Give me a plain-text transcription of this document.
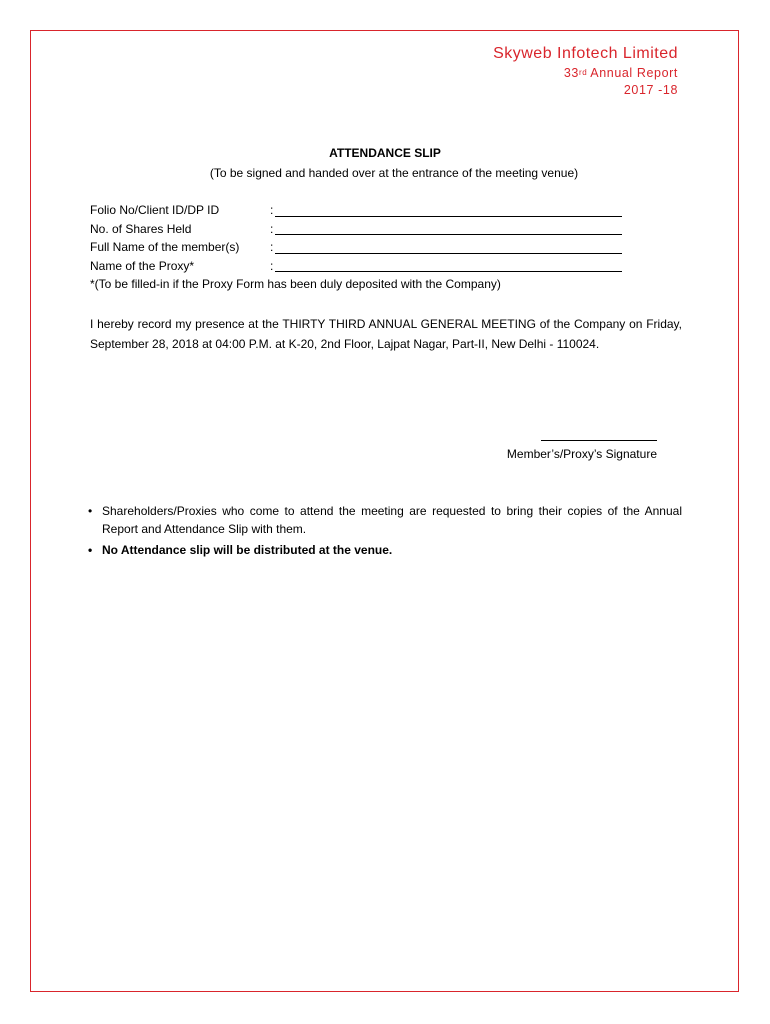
Skyweb Infotech Limited
33rd Annual Report
2017 -18
ATTENDANCE SLIP
(To be signed and handed over at the entrance of the meeting venue)
Folio No/Client ID/DP ID	:
No. of Shares Held	:
Full Name of the member(s)	:
Name of the Proxy*	:
*(To be filled-in if the Proxy Form has been duly deposited with the Company)
I hereby record my presence at the THIRTY THIRD ANNUAL GENERAL MEETING of the Company on Friday, September 28, 2018 at 04:00 P.M. at K-20, 2nd Floor, Lajpat Nagar, Part-II, New Delhi - 110024.
Member’s/Proxy’s Signature
• Shareholders/Proxies who come to attend the meeting are requested to bring their copies of the Annual Report and Attendance Slip with them.
• No Attendance slip will be distributed at the venue.
